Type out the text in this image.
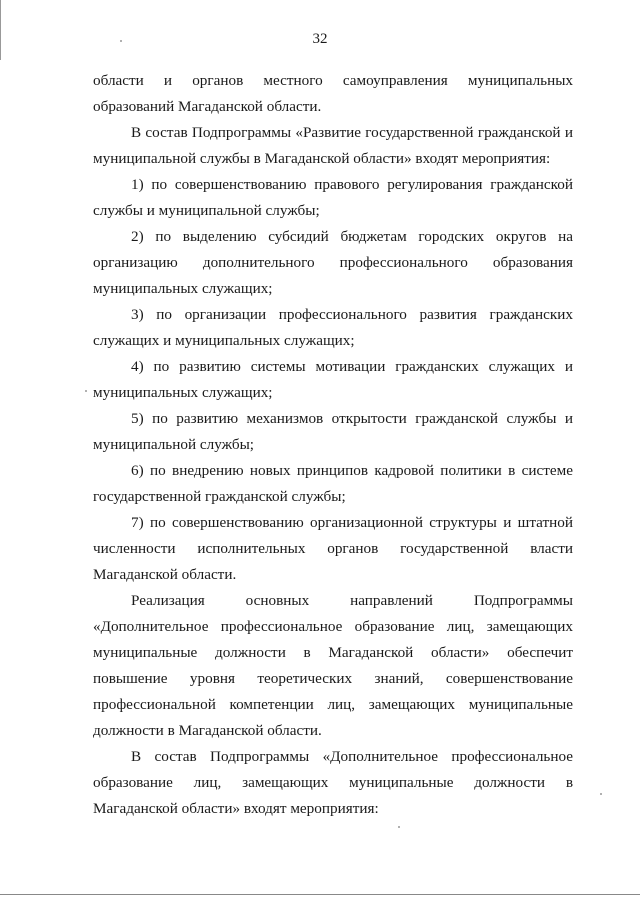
32
области и органов местного самоуправления муниципальных
образований Магаданской области.
В состав Подпрограммы «Развитие государственной гражданской и
муниципальной службы в Магаданской области» входят мероприятия:
1) по совершенствованию правового регулирования гражданской
службы и муниципальной службы;
2) по выделению субсидий бюджетам городских округов на
организацию дополнительного профессионального образования
муниципальных служащих;
3) по организации профессионального развития гражданских
служащих и муниципальных служащих;
4) по развитию системы мотивации гражданских служащих и
муниципальных служащих;
5) по развитию механизмов открытости гражданской службы и
муниципальной службы;
6) по внедрению новых принципов кадровой политики в системе
государственной гражданской службы;
7) по совершенствованию организационной структуры и штатной
численности исполнительных органов государственной власти
Магаданской области.
Реализация основных направлений Подпрограммы
«Дополнительное профессиональное образование лиц, замещающих
муниципальные должности в Магаданской области» обеспечит
повышение уровня теоретических знаний, совершенствование
профессиональной компетенции лиц, замещающих муниципальные
должности в Магаданской области.
В состав Подпрограммы «Дополнительное профессиональное
образование лиц, замещающих муниципальные должности в
Магаданской области» входят мероприятия:
